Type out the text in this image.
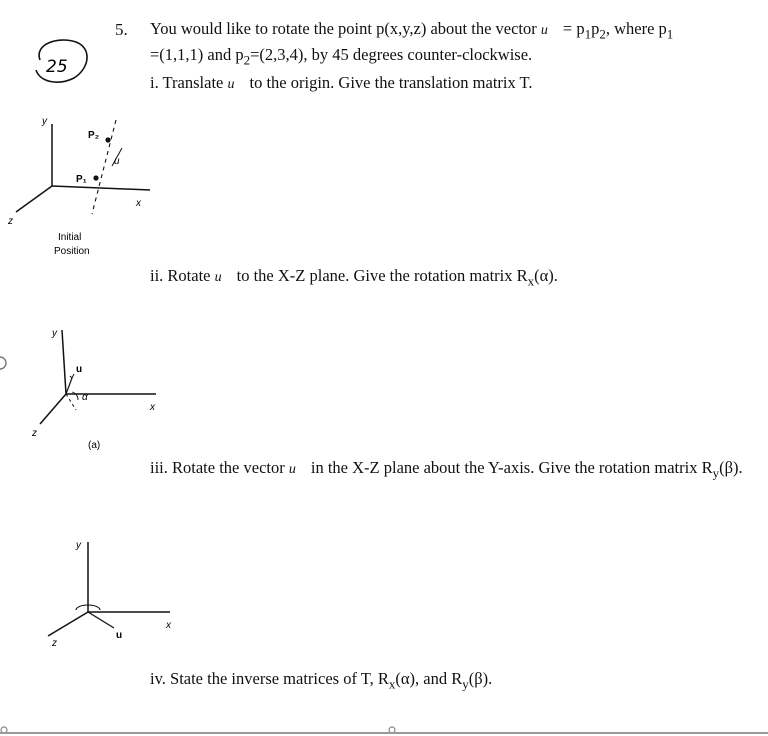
5. You would like to rotate the point p(x,y,z) about the vector u⃗ = $p_1p_2$, where $p_1$
=(1,1,1) and $p_2=(2,3,4)$, by 45 degrees counter-clockwise.
i. Translate u⃗ to the origin. Give the translation matrix T.
ii. Rotate u⃗ to the X-Z plane. Give the rotation matrix $R_x(\alpha)$.
iii. Rotate the vector u⃗ in the X-Z plane about the Y-axis. Give the rotation matrix $R_y(\beta)$.
iv. State the inverse matrices of T, $R_x(\alpha)$, and $R_y(\beta)$.
25
y
x
z
P₂
P₁
u
Initial
Position
y
x
z
u
α
(a)
y
x
z
u
